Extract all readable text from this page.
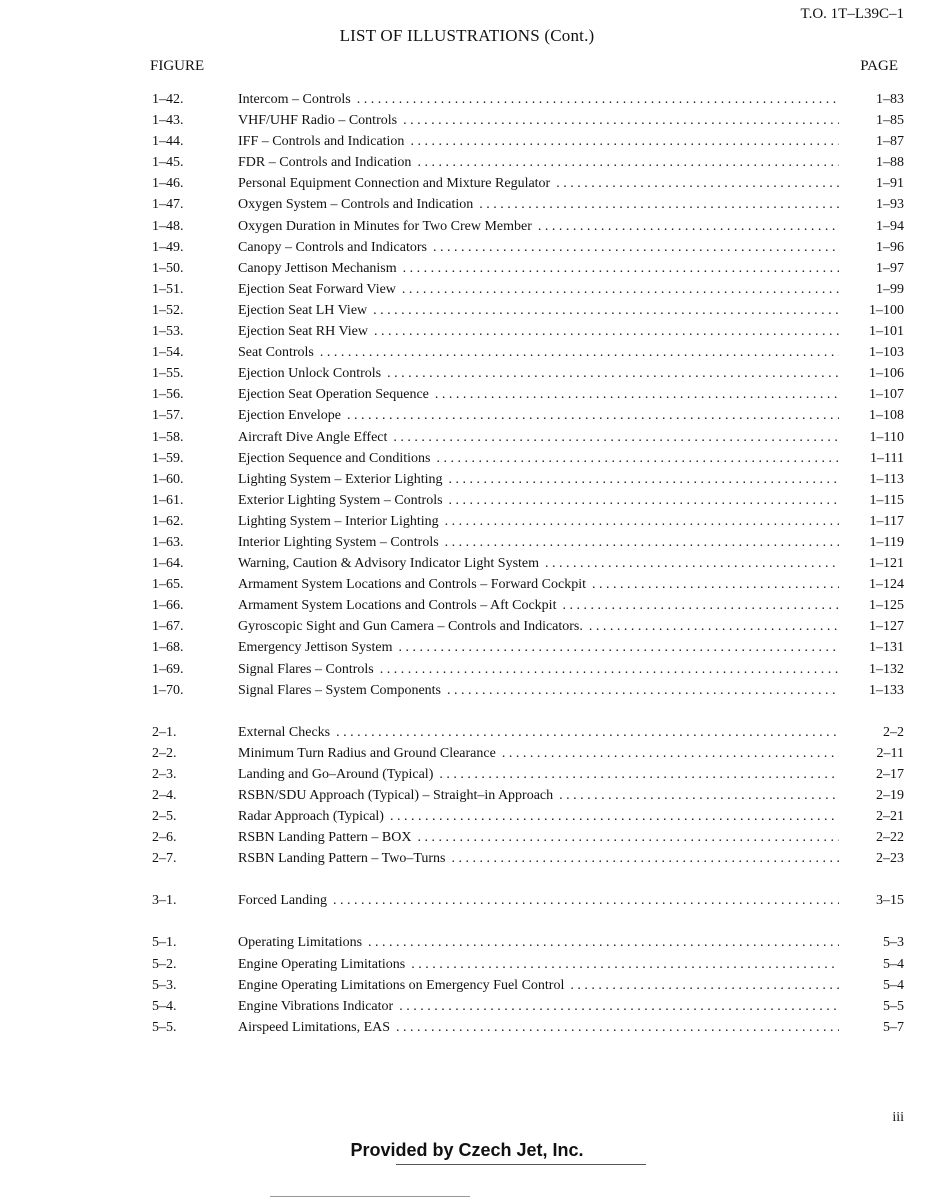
T.O. 1T–L39C–1
LIST OF ILLUSTRATIONS (Cont.)
FIGURE	PAGE
1–42.	Intercom – Controls . . .	1–83
1–43.	VHF/UHF Radio – Controls . . .	1–85
1–44.	IFF – Controls and Indication . . .	1–87
1–45.	FDR – Controls and Indication . . .	1–88
1–46.	Personal Equipment Connection and Mixture Regulator . . .	1–91
1–47.	Oxygen System – Controls and Indication . . .	1–93
1–48.	Oxygen Duration in Minutes for Two Crew Member . . .	1–94
1–49.	Canopy – Controls and Indicators . . .	1–96
1–50.	Canopy Jettison Mechanism . . .	1–97
1–51.	Ejection Seat Forward View . . .	1–99
1–52.	Ejection Seat LH View . . .	1–100
1–53.	Ejection Seat RH View . . .	1–101
1–54.	Seat Controls . . .	1–103
1–55.	Ejection Unlock Controls . . .	1–106
1–56.	Ejection Seat Operation Sequence . . .	1–107
1–57.	Ejection Envelope . . .	1–108
1–58.	Aircraft Dive Angle Effect . . .	1–110
1–59.	Ejection Sequence and Conditions . . .	1–111
1–60.	Lighting System – Exterior Lighting . . .	1–113
1–61.	Exterior Lighting System – Controls . . .	1–115
1–62.	Lighting System – Interior Lighting . . .	1–117
1–63.	Interior Lighting System – Controls . . .	1–119
1–64.	Warning, Caution & Advisory Indicator Light System . . .	1–121
1–65.	Armament System Locations and Controls – Forward Cockpit . . .	1–124
1–66.	Armament System Locations and Controls – Aft Cockpit . . .	1–125
1–67.	Gyroscopic Sight and Gun Camera – Controls and Indicators. . . .	1–127
1–68.	Emergency Jettison System . . .	1–131
1–69.	Signal Flares – Controls . . .	1–132
1–70.	Signal Flares – System Components . . .	1–133
2–1.	External Checks . . .	2–2
2–2.	Minimum Turn Radius and Ground Clearance . . .	2–11
2–3.	Landing and Go–Around (Typical) . . .	2–17
2–4.	RSBN/SDU Approach (Typical) – Straight–in Approach . . .	2–19
2–5.	Radar Approach (Typical) . . .	2–21
2–6.	RSBN Landing Pattern – BOX . . .	2–22
2–7.	RSBN Landing Pattern – Two–Turns . . .	2–23
3–1.	Forced Landing . . .	3–15
5–1.	Operating Limitations . . .	5–3
5–2.	Engine Operating Limitations . . .	5–4
5–3.	Engine Operating Limitations on Emergency Fuel Control . . .	5–4
5–4.	Engine Vibrations Indicator . . .	5–5
5–5.	Airspeed Limitations, EAS . . .	5–7
iii
Provided by Czech Jet, Inc.
